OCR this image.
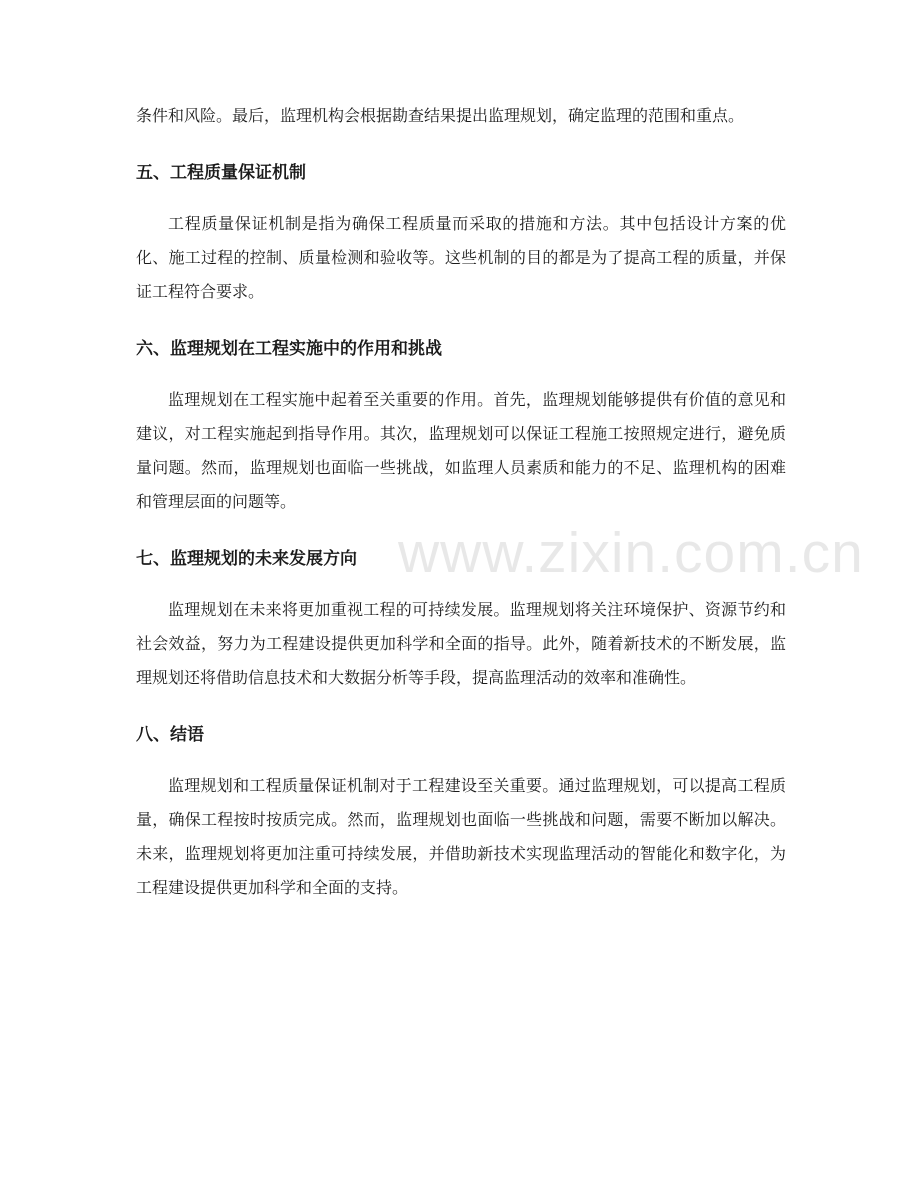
条件和风险。最后，监理机构会根据勘查结果提出监理规划，确定监理的范围和重点。

五、工程质量保证机制

工程质量保证机制是指为确保工程质量而采取的措施和方法。其中包括设计方案的优化、施工过程的控制、质量检测和验收等。这些机制的目的都是为了提高工程的质量，并保证工程符合要求。

六、监理规划在工程实施中的作用和挑战

监理规划在工程实施中起着至关重要的作用。首先，监理规划能够提供有价值的意见和建议，对工程实施起到指导作用。其次，监理规划可以保证工程施工按照规定进行，避免质量问题。然而，监理规划也面临一些挑战，如监理人员素质和能力的不足、监理机构的困难和管理层面的问题等。

七、监理规划的未来发展方向

监理规划在未来将更加重视工程的可持续发展。监理规划将关注环境保护、资源节约和社会效益，努力为工程建设提供更加科学和全面的指导。此外，随着新技术的不断发展，监理规划还将借助信息技术和大数据分析等手段，提高监理活动的效率和准确性。

八、结语

监理规划和工程质量保证机制对于工程建设至关重要。通过监理规划，可以提高工程质量，确保工程按时按质完成。然而，监理规划也面临一些挑战和问题，需要不断加以解决。未来，监理规划将更加注重可持续发展，并借助新技术实现监理活动的智能化和数字化，为工程建设提供更加科学和全面的支持。

www.zixin.com.cn
